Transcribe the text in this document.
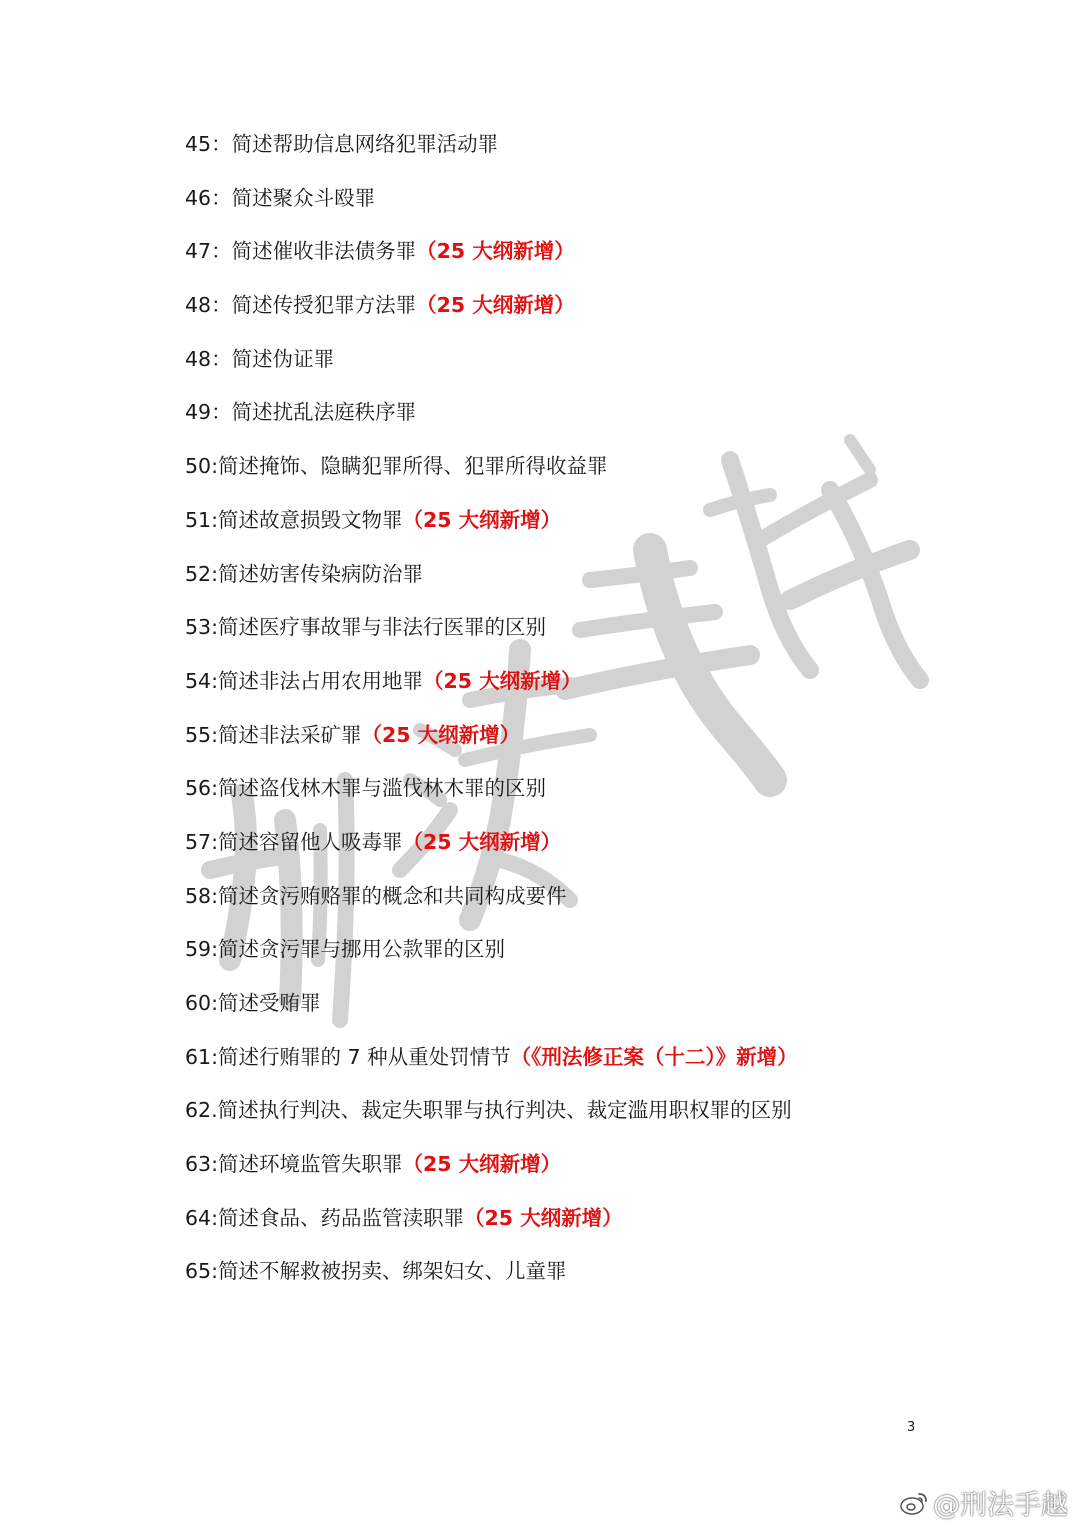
45：简述帮助信息网络犯罪活动罪
46：简述聚众斗殴罪
47：简述催收非法债务罪（25 大纲新增）
48：简述传授犯罪方法罪（25 大纲新增）
48：简述伪证罪
49：简述扰乱法庭秩序罪
50:简述掩饰、隐瞒犯罪所得、犯罪所得收益罪
51:简述故意损毁文物罪（25 大纲新增）
52:简述妨害传染病防治罪
53:简述医疗事故罪与非法行医罪的区别
54:简述非法占用农用地罪（25 大纲新增）
55:简述非法采矿罪（25 大纲新增）
56:简述盗伐林木罪与滥伐林木罪的区别
57:简述容留他人吸毒罪（25 大纲新增）
58:简述贪污贿赂罪的概念和共同构成要件
59:简述贪污罪与挪用公款罪的区别
60:简述受贿罪
61:简述行贿罪的 7 种从重处罚情节（《刑法修正案（十二）》新增）
62.简述执行判决、裁定失职罪与执行判决、裁定滥用职权罪的区别
63:简述环境监管失职罪（25 大纲新增）
64:简述食品、药品监管渎职罪（25 大纲新增）
65:简述不解救被拐卖、绑架妇女、儿童罪
3
@刑法手越
